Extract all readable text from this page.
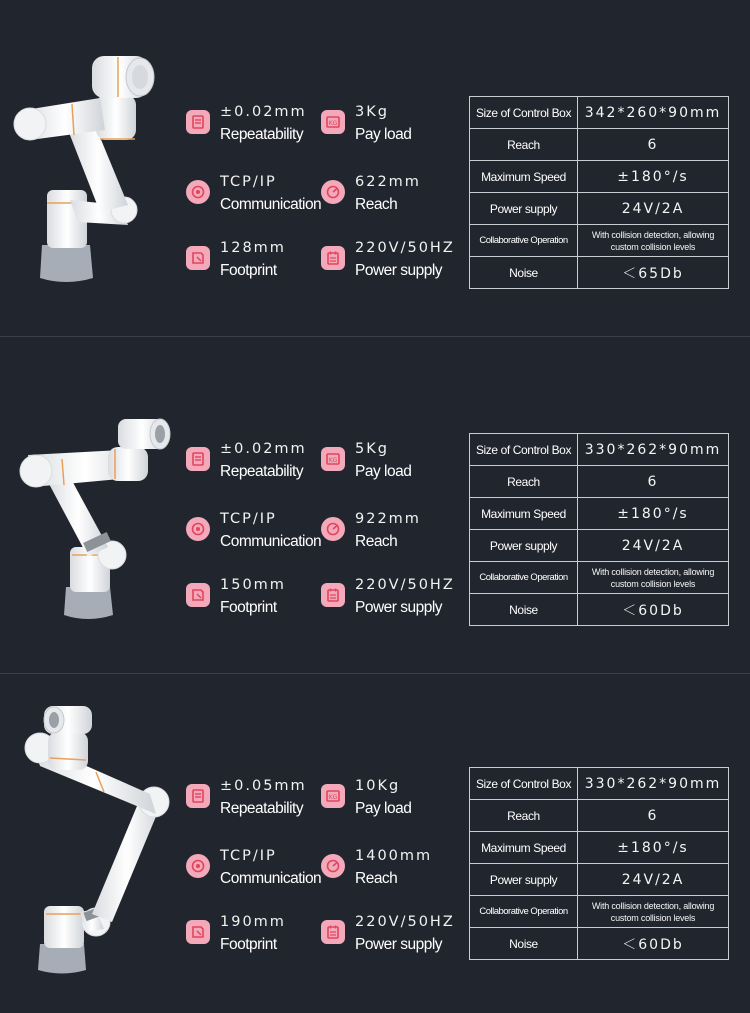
±0.02mm
Repeatability
KG
3Kg
Pay load
TCP/IP
Communication
622mm
Reach
128mm
Footprint
220V/50HZ
Power supply
Size of Control Box	342*260*90mm
Reach	6
Maximum Speed	±180°/s
Power supply	24V/2A
Collaborative Operation	With collision detection, allowing custom collision levels
Noise	＜65Db
±0.02mm
Repeatability
KG
5Kg
Pay load
TCP/IP
Communication
922mm
Reach
150mm
Footprint
220V/50HZ
Power supply
Size of Control Box	330*262*90mm
Reach	6
Maximum Speed	±180°/s
Power supply	24V/2A
Collaborative Operation	With collision detection, allowing custom collision levels
Noise	＜60Db
±0.05mm
Repeatability
KG
10Kg
Pay load
TCP/IP
Communication
1400mm
Reach
190mm
Footprint
220V/50HZ
Power supply
Size of Control Box	330*262*90mm
Reach	6
Maximum Speed	±180°/s
Power supply	24V/2A
Collaborative Operation	With collision detection, allowing custom collision levels
Noise	＜60Db
